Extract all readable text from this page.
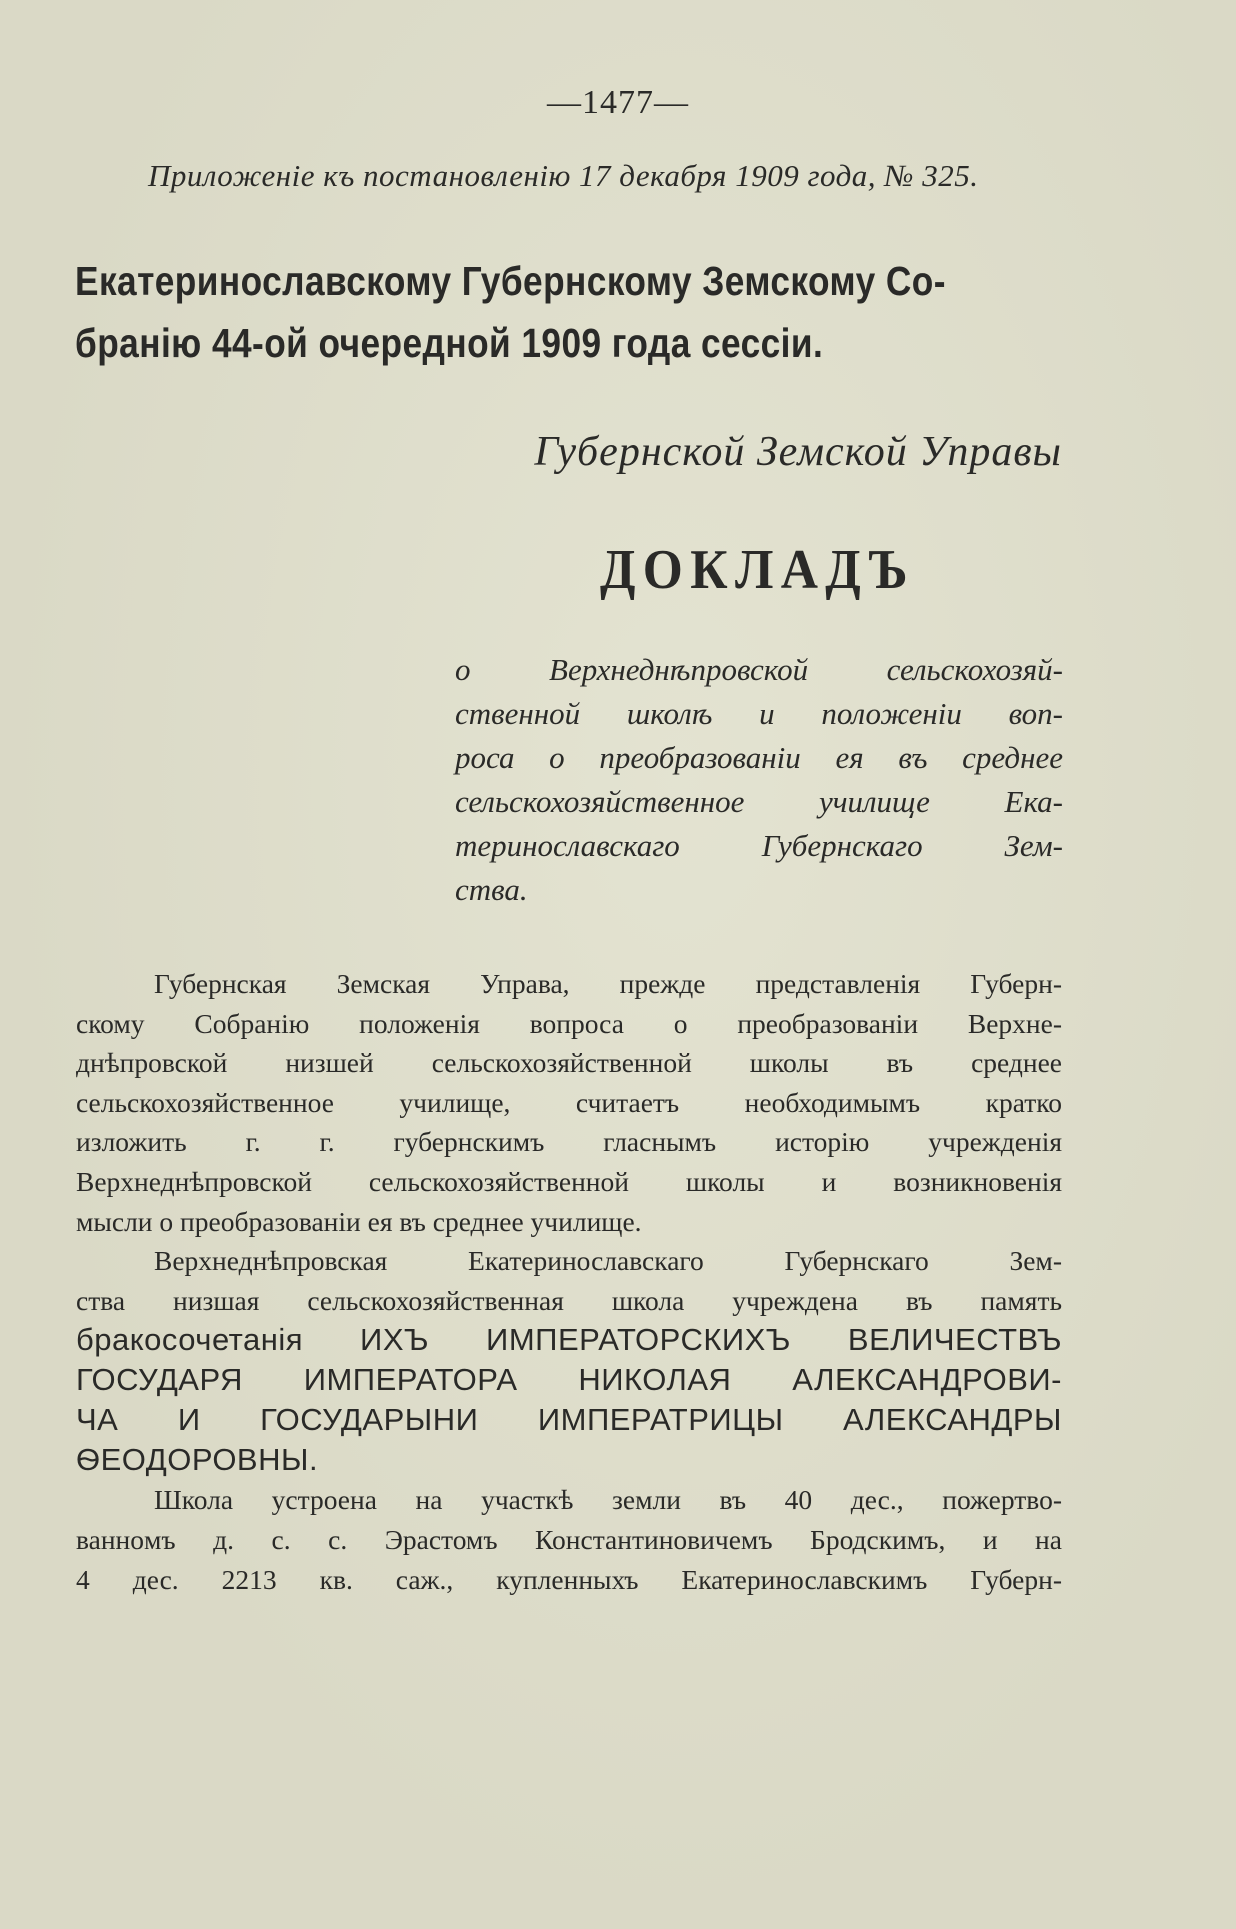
—1477—
Приложеніе къ постановленію 17 декабря 1909 года, № 325.
Екатеринославскому Губернскому Земскому Со-
бранію 44-ой очередной 1909 года сессіи.
Губернской Земской Управы
ДОКЛАДЪ
о Верхнеднѣпровской сельскохозяй-
ственной школѣ и положеніи воп-
роса о преобразованіи ея въ среднее
сельскохозяйственное училище Ека-
теринославскаго Губернскаго Зем-
ства.
Губернская Земская Управа, прежде представленія Губерн-
скому Собранію положенія вопроса о преобразованіи Верхне-
днѣпровской низшей сельскохозяйственной школы въ среднее
сельскохозяйственное училище, считаетъ необходимымъ кратко
изложить г. г. губернскимъ гласнымъ исторію учрежденія
Верхнеднѣпровской сельскохозяйственной школы и возникновенія
мысли о преобразованіи ея въ среднее училище.
Верхнеднѣпровская Екатеринославскаго Губернскаго Зем-
ства низшая сельскохозяйственная школа учреждена въ память
бракосочетанія ИХЪ ИМПЕРАТОРСКИХЪ ВЕЛИЧЕСТВЪ
ГОСУДАРЯ ИМПЕРАТОРА НИКОЛАЯ АЛЕКСАНДРОВИ-
ЧА И ГОСУДАРЫНИ ИМПЕРАТРИЦЫ АЛЕКСАНДРЫ
ѲЕОДОРОВНЫ.
Школа устроена на участкѣ земли въ 40 дес., пожертво-
ваннoмъ д. с. с. Эрастомъ Константиновичемъ Бродскимъ, и на
4 дес. 2213 кв. саж., купленныхъ Екатеринославскимъ Губерн-
